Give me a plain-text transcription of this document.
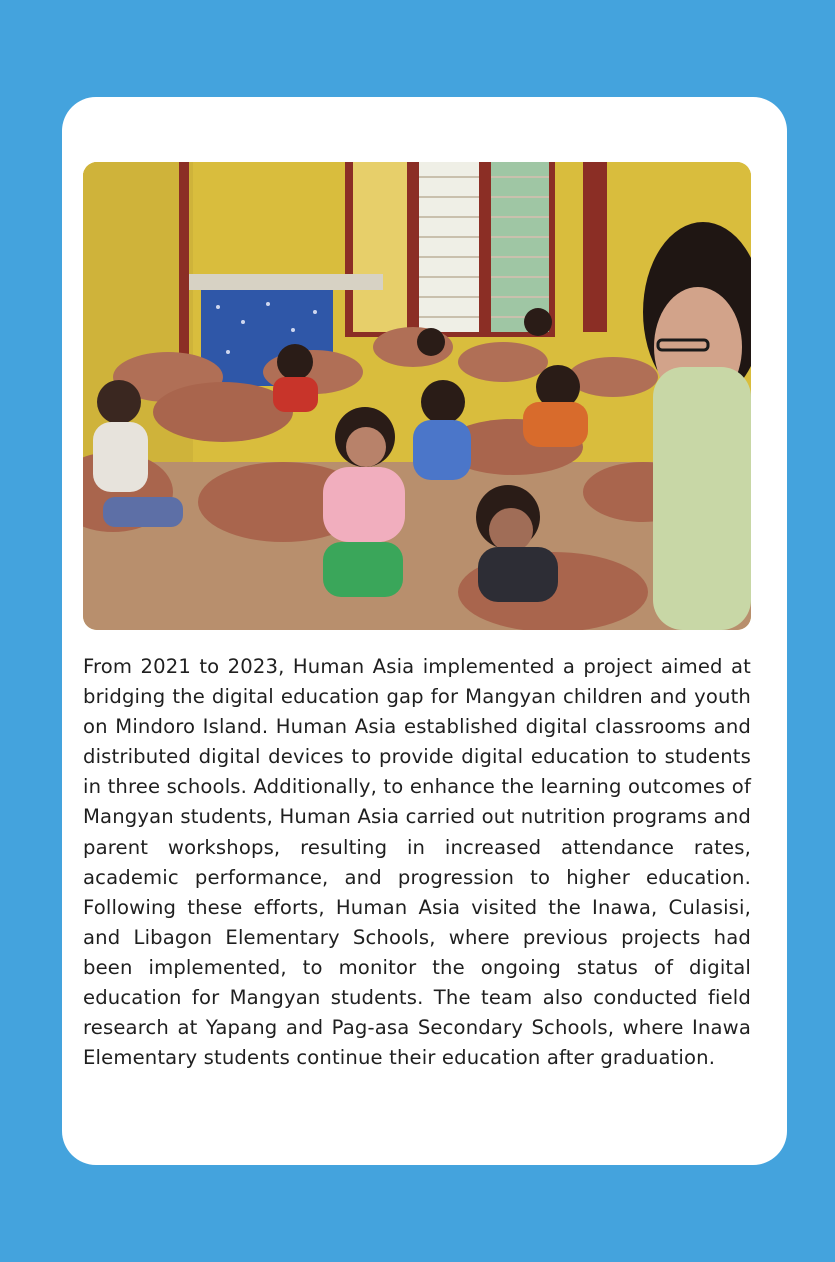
From 2021 to 2023, Human Asia implemented a project aimed at bridging the digital education gap for Mangyan children and youth on Mindoro Island. Human Asia established digital classrooms and distributed digital devices to provide digital education to students in three schools. Additionally, to enhance the learning outcomes of Mangyan students, Human Asia carried out nutrition programs and parent workshops, resulting in increased attendance rates, academic performance, and progression to higher education. Following these efforts, Human Asia visited the Inawa, Culasisi, and Libagon Elementary Schools, where previous projects had been implemented, to monitor the ongoing status of digital education for Mangyan students. The team also conducted field research at Yapang and Pag-asa Secondary Schools, where Inawa Elementary students continue their education after graduation.
